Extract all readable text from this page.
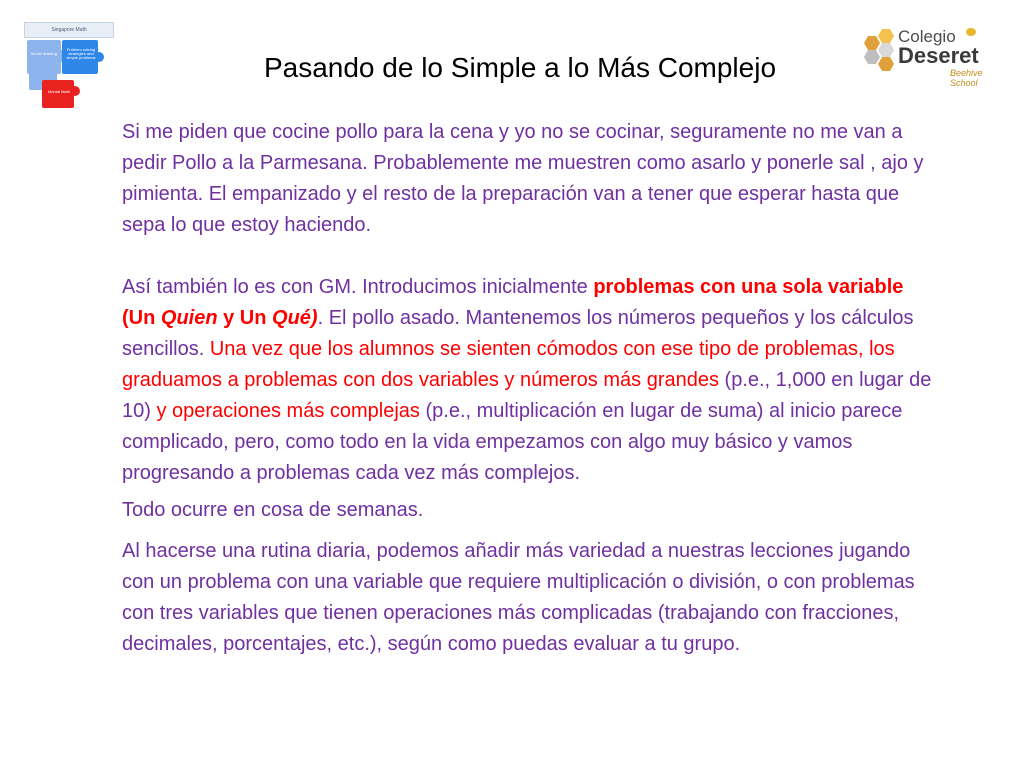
Singapore Math
Model drawing
Problem solving strategies and simple problems
Mental Math
Pasando de lo Simple a lo Más Complejo
Colegio
Deseret
Beehive School

Si me piden que cocine pollo para la cena y yo no se cocinar, seguramente no me van a pedir Pollo a la Parmesana. Probablemente me muestren como asarlo y ponerle sal , ajo y pimienta. El empanizado y el resto de la preparación van a tener que esperar hasta que sepa lo que estoy haciendo.

Así también lo es con GM. Introducimos inicialmente problemas con una sola variable (Un Quien y Un Qué). El pollo asado. Mantenemos los números pequeños y los cálculos sencillos. Una vez que los alumnos se sienten cómodos con ese tipo de problemas, los graduamos a problemas con dos variables y números más grandes (p.e., 1,000 en lugar de 10) y operaciones más complejas (p.e., multiplicación en lugar de suma) al inicio parece complicado, pero, como todo en la vida empezamos con algo muy básico y vamos progresando a problemas cada vez más complejos.

Todo ocurre en cosa de semanas.

Al hacerse una rutina diaria, podemos añadir más variedad a nuestras lecciones jugando con un problema con una variable que requiere multiplicación o división, o con problemas con tres variables que tienen operaciones más complicadas (trabajando con fracciones, decimales, porcentajes, etc.), según como puedas evaluar a tu grupo.
